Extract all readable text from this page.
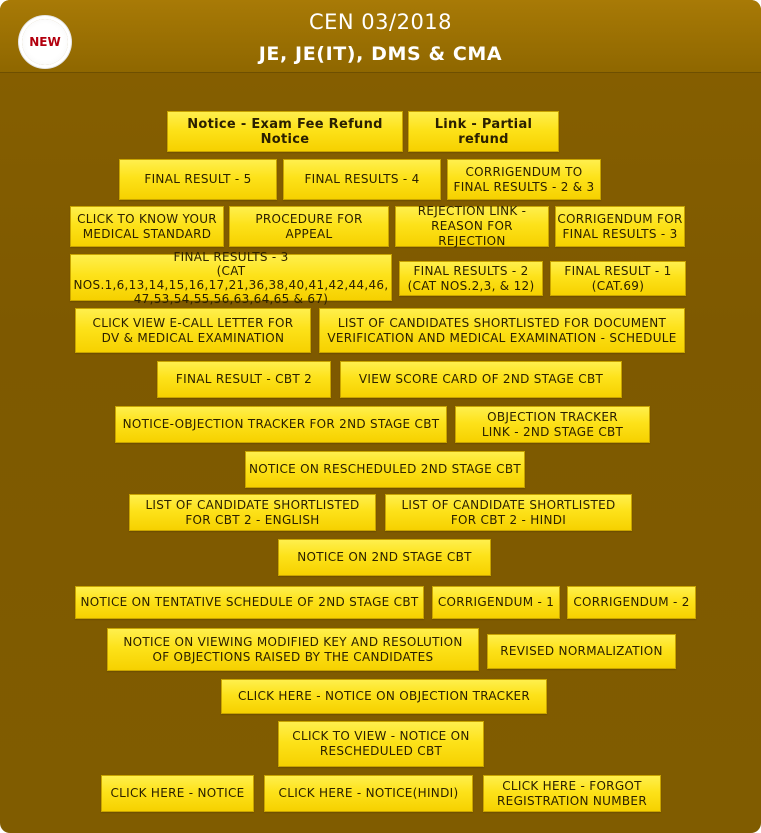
NEW
CEN 03/2018
JE, JE(IT), DMS & CMA
Notice - Exam Fee Refund Notice
Link - Partial refund
FINAL RESULT - 5	FINAL RESULTS - 4
CORRIGENDUM TO
FINAL RESULTS - 2 & 3
CLICK TO KNOW YOUR
MEDICAL STANDARD
PROCEDURE FOR APPEAL
REJECTION LINK -
REASON FOR REJECTION
CORRIGENDUM FOR
FINAL RESULTS - 3
FINAL RESULTS - 3
(CAT NOS.1,6,13,14,15,16,17,21,36,38,40,41,42,44,46,
47,53,54,55,56,63,64,65 & 67)
FINAL RESULTS - 2
(CAT NOS.2,3, & 12)
FINAL RESULT - 1
(CAT.69)
CLICK VIEW E-CALL LETTER FOR
DV & MEDICAL EXAMINATION
LIST OF CANDIDATES SHORTLISTED FOR DOCUMENT
VERIFICATION AND MEDICAL EXAMINATION - SCHEDULE
FINAL RESULT - CBT 2	VIEW SCORE CARD OF 2ND STAGE CBT
NOTICE-OBJECTION TRACKER FOR 2ND STAGE CBT
OBJECTION TRACKER
LINK - 2ND STAGE CBT
NOTICE ON RESCHEDULED 2ND STAGE CBT
LIST OF CANDIDATE SHORTLISTED
FOR CBT 2 - ENGLISH
LIST OF CANDIDATE SHORTLISTED
FOR CBT 2 - HINDI
NOTICE ON 2ND STAGE CBT
NOTICE ON TENTATIVE SCHEDULE OF 2ND STAGE CBT	CORRIGENDUM - 1	CORRIGENDUM - 2
NOTICE ON VIEWING MODIFIED KEY AND RESOLUTION
OF OBJECTIONS RAISED BY THE CANDIDATES	REVISED NORMALIZATION
CLICK HERE - NOTICE ON OBJECTION TRACKER
CLICK TO VIEW - NOTICE ON
RESCHEDULED CBT
CLICK HERE - NOTICE	CLICK HERE - NOTICE(HINDI)
CLICK HERE - FORGOT
REGISTRATION NUMBER
